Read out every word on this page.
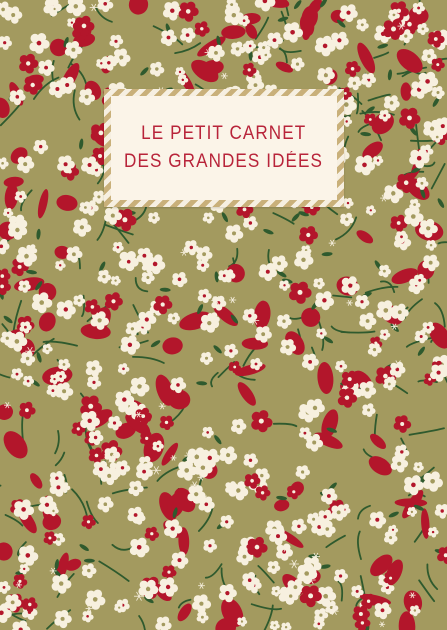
LE PETIT CARNET
DES GRANDES IDÉES
